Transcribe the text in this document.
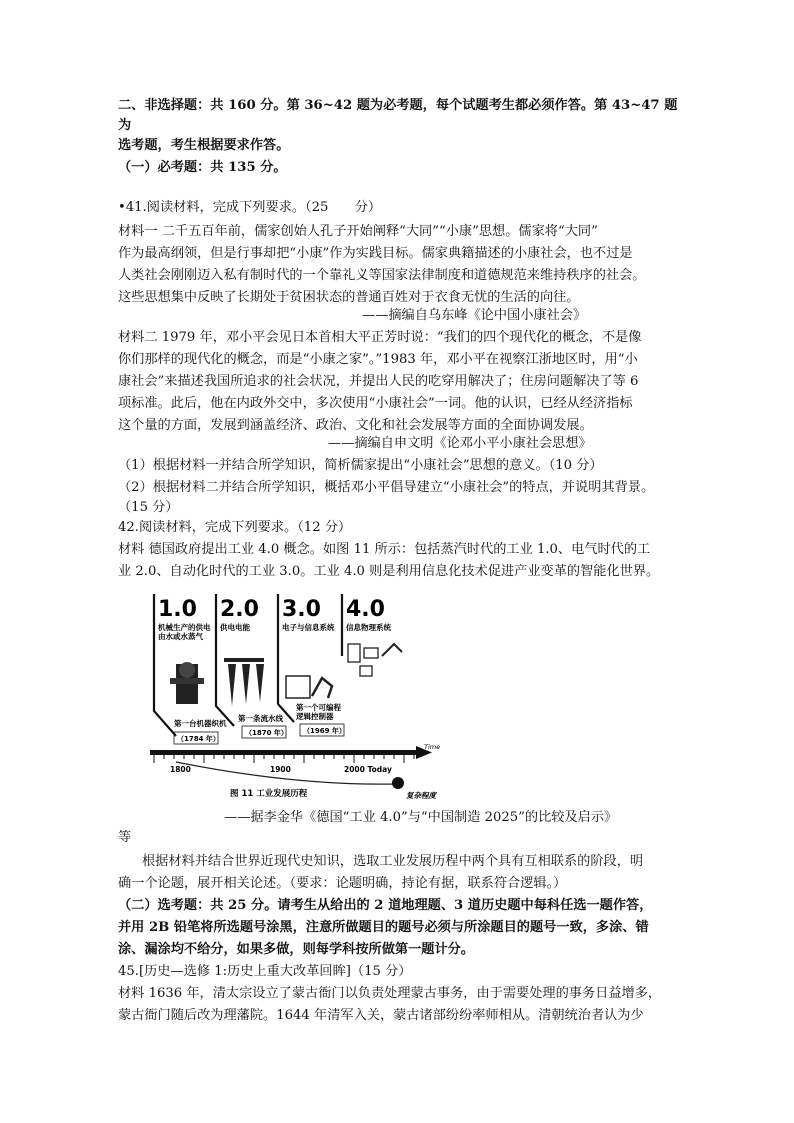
二、非选择题：共 160 分。第 36~42 题为必考题，每个试题考生都必须作答。第 43~47 题
为
选考题，考生根据要求作答。
（一）必考题：共 135 分。
•41.阅读材料，完成下列要求。（25　　分）
材料一 二千五百年前，儒家创始人孔子开始阐释“大同”“小康”思想。儒家将“大同”
作为最高纲领，但是行事却把“小康”作为实践目标。儒家典籍描述的小康社会，也不过是
人类社会刚刚迈入私有制时代的一个靠礼义等国家法律制度和道德规范来维持秩序的社会。
这些思想集中反映了长期处于贫困状态的普通百姓对于衣食无忧的生活的向往。
——摘编自乌东峰《论中国小康社会》
材料二 1979 年，邓小平会见日本首相大平正芳时说：“我们的四个现代化的概念，不是像
你们那样的现代化的概念，而是“小康之家”。”1983 年，邓小平在视察江浙地区时，用“小
康社会”来描述我国所追求的社会状况，并提出人民的吃穿用解决了；住房问题解决了等 6
项标准。此后，他在内政外交中，多次使用“小康社会”一词。他的认识，已经从经济指标
这个量的方面，发展到涵盖经济、政治、文化和社会发展等方面的全面协调发展。
——摘编自申文明《论邓小平小康社会思想》
（1）根据材料一并结合所学知识，简析儒家提出“小康社会”思想的意义。（10 分）
（2）根据材料二并结合所学知识，概括邓小平倡导建立“小康社会”的特点，并说明其背景。
（15 分）
42.阅读材料，完成下列要求。（12 分）
材料 德国政府提出工业 4.0 概念。如图 11 所示：包括蒸汽时代的工业 1.0、电气时代的工
业 2.0、自动化时代的工业 3.0。工业 4.0 则是利用信息化技术促进产业变革的智能化世界。
1.0 2.0 3.0 4.0
机械生产的供电
由水或水蒸气
供电电能	电子与信息系统 信息物理系统
第一台机器织机
（1784 年）
第一条流水线
（1870 年）
第一个可编程
逻辑控制器
（1969 年）
Time
1800	1900	2000 Today
复杂程度
图 11 工业发展历程
——据李金华《德国“工业 4.0”与“中国制造 2025”的比较及启示》
等
根据材料并结合世界近现代史知识，选取工业发展历程中两个具有互相联系的阶段，明
确一个论题，展开相关论述。（要求：论题明确，持论有据，联系符合逻辑。）
（二）选考题：共 25 分。请考生从给出的 2 道地理题、3 道历史题中每科任选一题作答，
并用 2B 铅笔将所选题号涂黑，注意所做题目的题号必须与所涂题目的题号一致，多涂、错
涂、漏涂均不给分，如果多做，则每学科按所做第一题计分。
45.[历史—选修 1:历史上重大改革回眸]（15 分）
材料 1636 年，清太宗设立了蒙古衙门以负责处理蒙古事务，由于需要处理的事务日益增多，
蒙古衙门随后改为理藩院。1644 年清军入关，蒙古诸部纷纷率师相从。清朝统治者认为少
